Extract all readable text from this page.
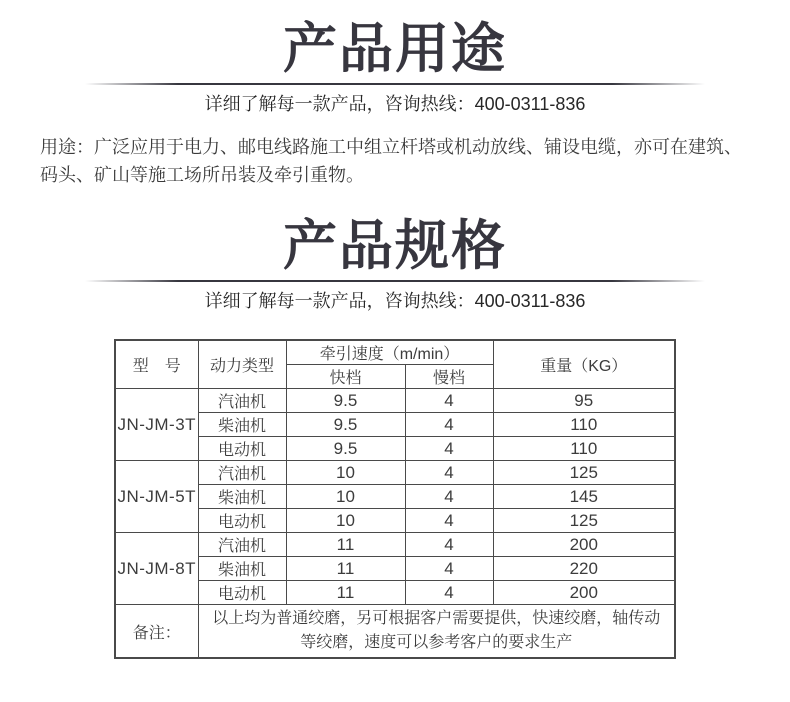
产品用途
详细了解每一款产品，咨询热线：400-0311-836
用途：广泛应用于电力、邮电线路施工中组立杆塔或机动放线、铺设电缆，亦可在建筑、码头、矿山等施工场所吊装及牵引重物。
产品规格
详细了解每一款产品，咨询热线：400-0311-836
型　号	动力类型	牵引速度（m/min）		重量（KG）
		快档	慢档	
JN-JM-3T	汽油机	9.5	4	95
	柴油机	9.5	4	110
	电动机	9.5	4	110
JN-JM-5T	汽油机	10	4	125
	柴油机	10	4	145
	电动机	10	4	125
JN-JM-8T	汽油机	11	4	200
	柴油机	11	4	220
	电动机	11	4	200
备注：	以上均为普通绞磨，另可根据客户需要提供，快速绞磨，轴传动
等绞磨，速度可以参考客户的要求生产			
